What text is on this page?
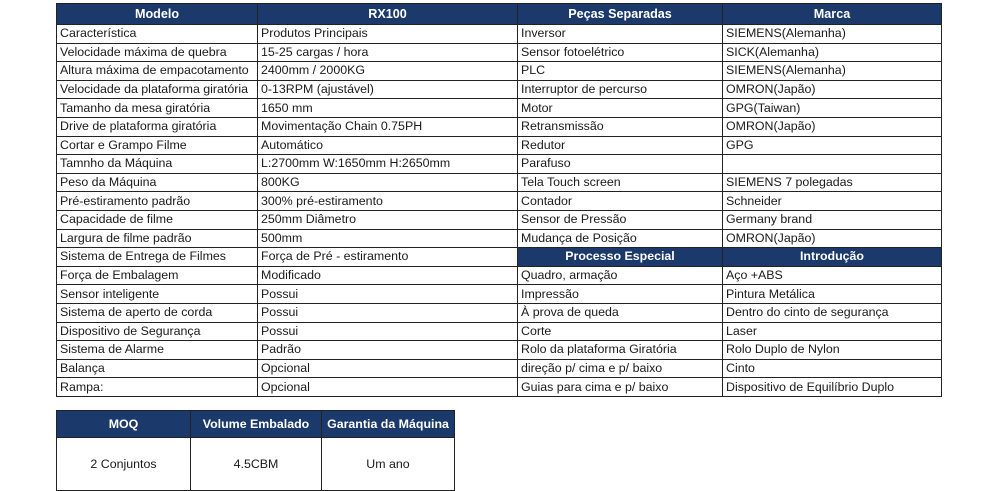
Modelo	RX100	Peças Separadas	Marca
Característica	Produtos Principais	Inversor	SIEMENS(Alemanha)
Velocidade máxima de quebra	15-25 cargas / hora	Sensor fotoelétrico	SICK(Alemanha)
Altura máxima de empacotamento	2400mm / 2000KG	PLC	SIEMENS(Alemanha)
Velocidade da plataforma giratória	0-13RPM (ajustável)	Interruptor de percurso	OMRON(Japão)
Tamanho da mesa giratória	1650 mm	Motor	GPG(Taiwan)
Drive de plataforma giratória	Movimentação Chain 0.75PH	Retransmissão	OMRON(Japão)
Cortar e Grampo Filme	Automático	Redutor	GPG
Tamnho da Máquina	L:2700mm W:1650mm H:2650mm	Parafuso	
Peso da Máquina	800KG	Tela Touch screen	SIEMENS 7 polegadas
Pré-estiramento padrão	300% pré-estiramento	Contador	Schneider
Capacidade de filme	250mm Diâmetro	Sensor de Pressão	Germany brand
Largura de filme padrão	500mm	Mudança de Posição	OMRON(Japão)
Sistema de Entrega de Filmes	Força de Pré - estiramento	Processo Especial	Introdução
Força de Embalagem	Modificado	Quadro, armação	Aço +ABS
Sensor inteligente	Possui	Impressão	Pintura Metálica
Sistema de aperto de corda	Possui	À prova de queda	Dentro do cinto de segurança
Dispositivo de Segurança	Possui	Corte	Laser
Sistema de Alarme	Padrão	Rolo da plataforma Giratória	Rolo Duplo de Nylon
Balança	Opcional	direção p/ cima e p/ baixo	Cinto
Rampa:	Opcional	Guias para cima e p/ baixo	Dispositivo de Equilíbrio Duplo
MOQ	Volume Embalado	Garantia da Máquina
2 Conjuntos	4.5CBM	Um ano
